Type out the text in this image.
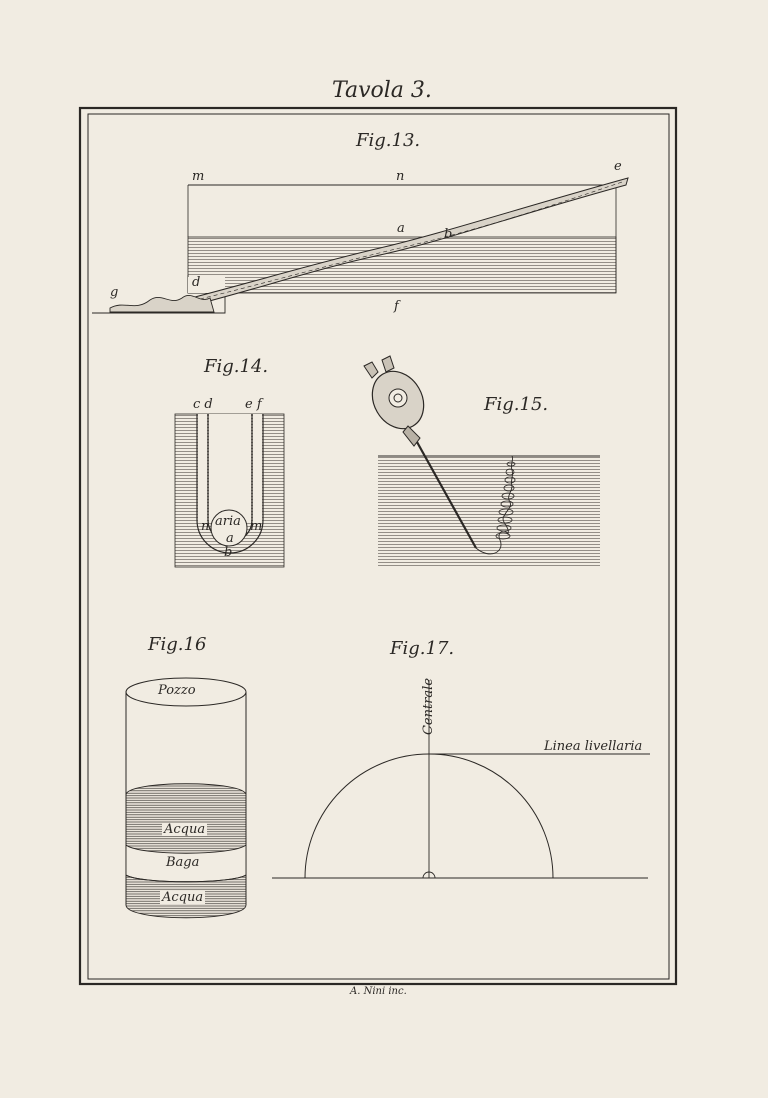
Tavola 3.
Fig.13.
m	n
e
a	b
d
g
f
Fig.14.
c d e f
aria
a
b
n	m
Fig.15.
Fig.16
Pozzo
Acqua
Baga
Acqua
Fig.17.
Centrale
Linea livellaria
A. Nini inc.
